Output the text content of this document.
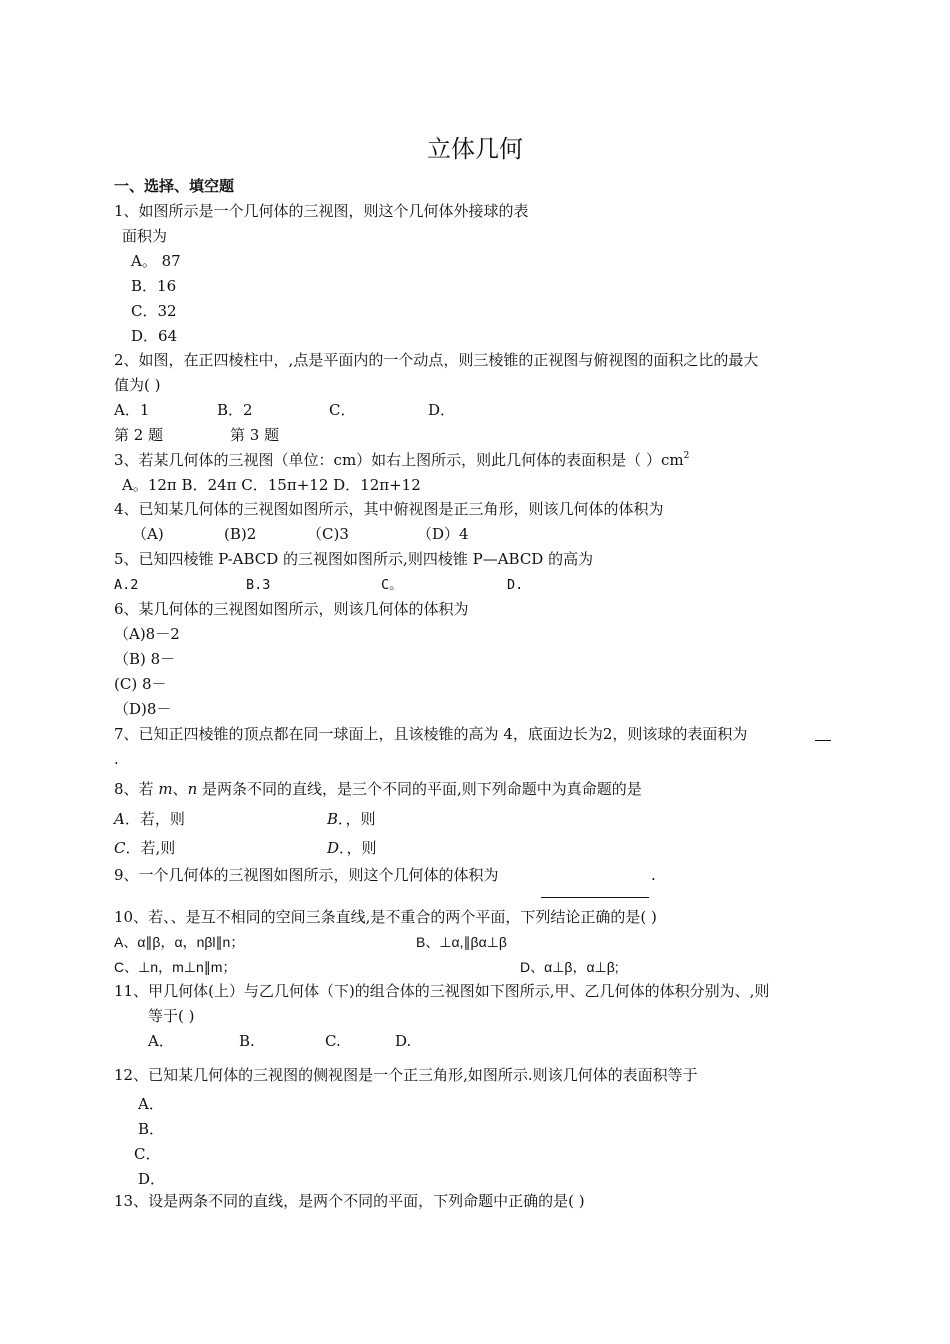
立体几何
一、选择、填空题
1、如图所示是一个几何体的三视图，则这个几何体外接球的表
面积为
A。 87
B．16
C．32
D．64
2、如图，在正四棱柱中，,点是平面内的一个动点，则三棱锥的正视图与俯视图的面积之比的最大
值为( )
A．1	B．2	C．	D．
第 2 题	第 3 题
3、若某几何体的三视图（单位：cm）如右上图所示，则此几何体的表面积是（ ）$cm^2$
A。12π B．24π C．15π+12 D．12π+12
4、已知某几何体的三视图如图所示，其中俯视图是正三角形，则该几何体的体积为
（A)	(B)2	（C)3	（D）4
5、已知四棱锥 P-ABCD 的三视图如图所示,则四棱锥 P—ABCD 的高为
A.2	B.3	C。	D.
6、某几何体的三视图如图所示，则该几何体的体积为
（A)8－2
（B) 8－
(C) 8－
（D)8－
7、已知正四棱锥的顶点都在同一球面上，且该棱锥的高为 4，底面边长为2，则该球的表面积为
.
8、若 m、n 是两条不同的直线，是三个不同的平面,则下列命题中为真命题的是
A．若，则	B．，则
C．若,则	D．，则
9、一个几何体的三视图如图所示，则这个几何体的体积为	.
10、若、、是互不相同的空间三条直线,是不重合的两个平面，下列结论正确的是( )
A、α∥β，α，nβl∥n；	B、⊥α,∥βα⊥β
C、⊥n，m⊥n∥m；	D、α⊥β，α⊥β;
11、甲几何体(上）与乙几何体（下)的组合体的三视图如下图所示,甲、乙几何体的体积分别为、,则
等于( )
A．	B.	C.	D.
12、已知某几何体的三视图的侧视图是一个正三角形,如图所示.则该几何体的表面积等于
A．
B．
C．
D．
13、设是两条不同的直线，是两个不同的平面，下列命题中正确的是( )
